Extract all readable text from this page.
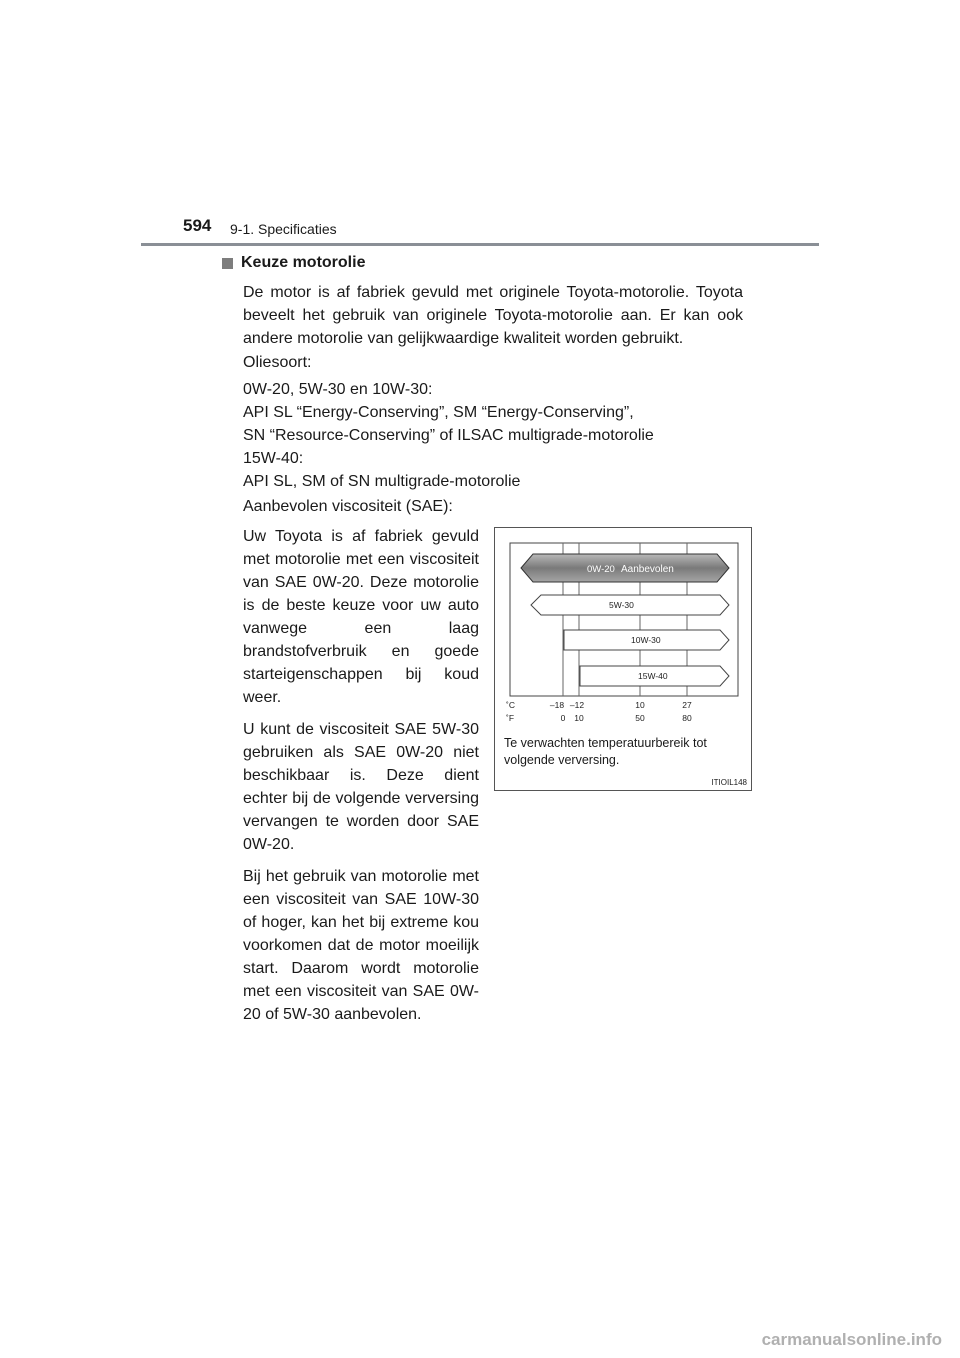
594 9-1. Specificaties
Keuze motorolie
De motor is af fabriek gevuld met originele Toyota-motorolie. Toyota
beveelt het gebruik van originele Toyota-motorolie aan. Er kan ook
andere motorolie van gelijkwaardige kwaliteit worden gebruikt.
Oliesoort:
0W-20, 5W-30 en 10W-30:
API SL “Energy-Conserving”, SM “Energy-Conserving”,
SN “Resource-Conserving” of ILSAC multigrade-motorolie
15W-40:
API SL, SM of SN multigrade-motorolie
Aanbevolen viscositeit (SAE):

Uw Toyota is af fabriek gevuld met motorolie met een viscositeit van SAE 0W-20. Deze motorolie is de beste keuze voor uw auto vanwege een laag brandstofverbruik en goede starteigenschappen bij koud weer.

U kunt de viscositeit SAE 5W-30 gebruiken als SAE 0W-20 niet beschikbaar is. Deze dient echter bij de volgende verversing vervangen te worden door SAE 0W-20.

Bij het gebruik van motorolie met een viscositeit van SAE 10W-30 of hoger, kan het bij extreme kou voorkomen dat de motor moeilijk start. Daarom wordt motorolie met een viscositeit van SAE 0W-20 of 5W-30 aanbevolen.

0W-20 Aanbevolen
5W-30
10W-30
15W-40
˚C
˚F
–18 –12	10	27
0 10	50	80
Te verwachten temperatuurbereik tot
volgende verversing.
ITIOIL148
carmanualsonline.info
